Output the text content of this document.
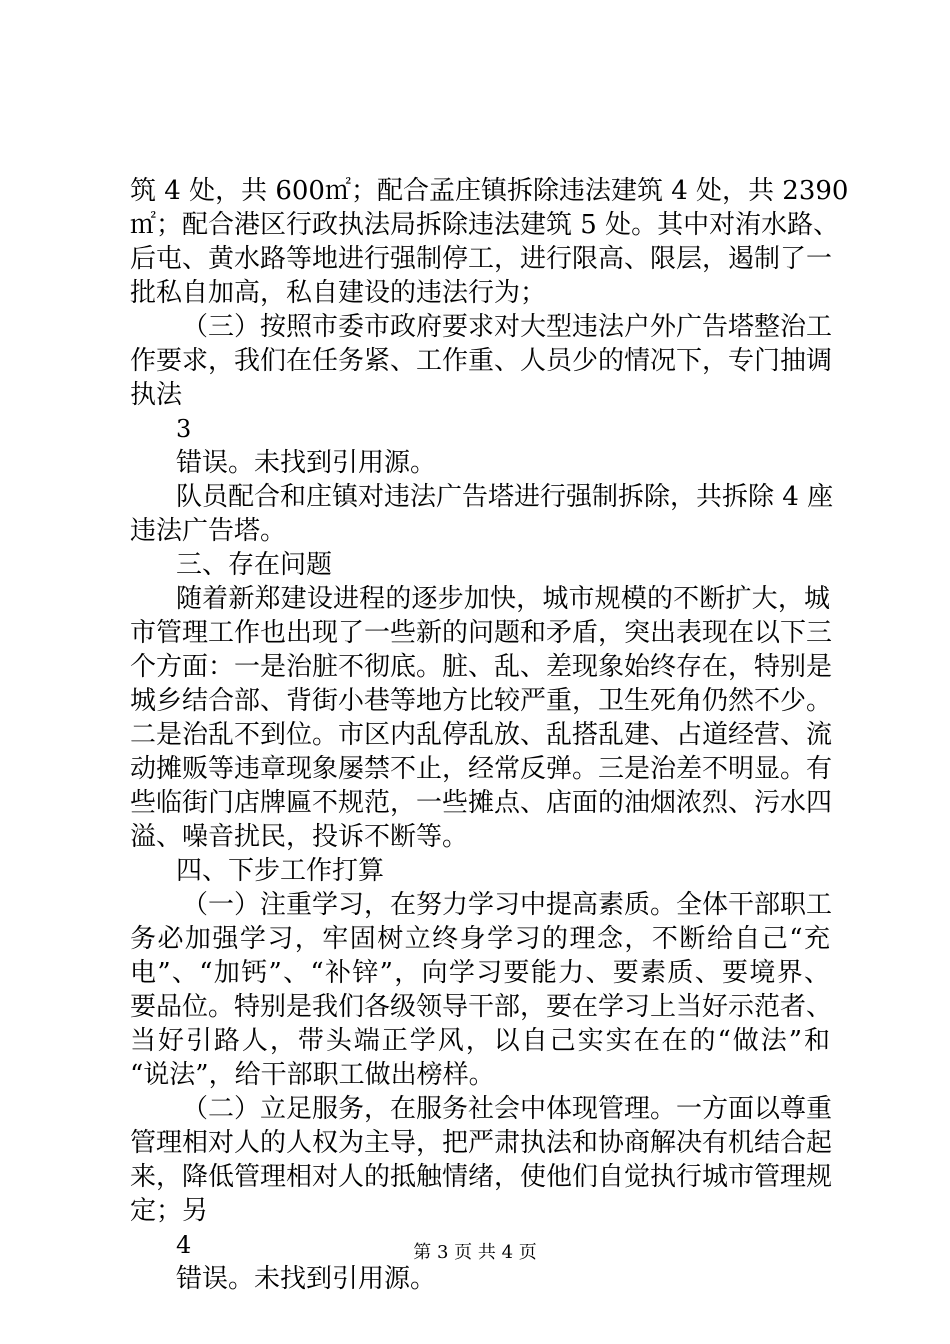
筑 4 处，共 600㎡；配合孟庄镇拆除违法建筑 4 处，共 2390
㎡；配合港区行政执法局拆除违法建筑 5 处。其中对洧水路、
后屯、黄水路等地进行强制停工，进行限高、限层，遏制了一
批私自加高，私自建设的违法行为；
（三）按照市委市政府要求对大型违法户外广告塔整治工
作要求，我们在任务紧、工作重、人员少的情况下，专门抽调
执法
3
错误。未找到引用源。
队员配合和庄镇对违法广告塔进行强制拆除，共拆除 4 座
违法广告塔。
三、存在问题
随着新郑建设进程的逐步加快，城市规模的不断扩大，城
市管理工作也出现了一些新的问题和矛盾，突出表现在以下三
个方面：一是治脏不彻底。脏、乱、差现象始终存在，特别是
城乡结合部、背街小巷等地方比较严重，卫生死角仍然不少。
二是治乱不到位。市区内乱停乱放、乱搭乱建、占道经营、流
动摊贩等违章现象屡禁不止，经常反弹。三是治差不明显。有
些临街门店牌匾不规范，一些摊点、店面的油烟浓烈、污水四
溢、噪音扰民，投诉不断等。
四、下步工作打算
（一）注重学习，在努力学习中提高素质。全体干部职工
务必加强学习，牢固树立终身学习的理念，不断给自己“充
电”、“加钙”、“补锌”，向学习要能力、要素质、要境界、
要品位。特别是我们各级领导干部，要在学习上当好示范者、
当好引路人，带头端正学风，以自己实实在在的“做法”和
“说法”，给干部职工做出榜样。
（二）立足服务，在服务社会中体现管理。一方面以尊重
管理相对人的人权为主导，把严肃执法和协商解决有机结合起
来，降低管理相对人的抵触情绪，使他们自觉执行城市管理规
定；另
4
错误。未找到引用源。
第 3 页 共 4 页
